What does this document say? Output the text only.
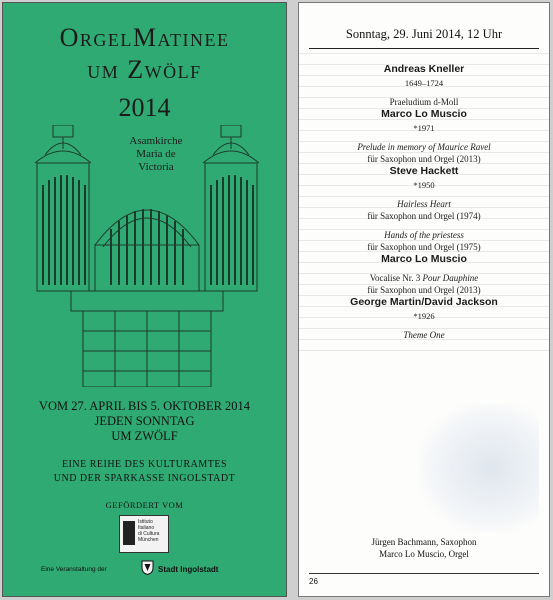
OrgelMatinee
um Zwölf
2014
Asamkirche
Maria de Victoria
VOM 27. APRIL BIS 5. OKTOBER 2014
JEDEN SONNTAG
UM ZWÖLF
EINE REIHE DES KULTURAMTES
UND DER SPARKASSE INGOLSTADT
GEFÖRDERT VOM
Istituto
Italiano
di Cultura
München
Eine Veranstaltung der	Stadt Ingolstadt
Sonntag, 29. Juni 2014, 12 Uhr
Andreas Kneller
1649–1724
Praeludium d-Moll
Marco Lo Muscio
*1971
Prelude in memory of Maurice Ravel
für Saxophon und Orgel (2013)
Steve Hackett
*1950
Hairless Heart
für Saxophon und Orgel (1974)
Hands of the priestess
für Saxophon und Orgel (1975)
Marco Lo Muscio
Vocalise Nr. 3 Pour Dauphine
für Saxophon und Orgel (2013)
George Martin/David Jackson
*1926
Theme One
Jürgen Bachmann, Saxophon
Marco Lo Muscio, Orgel
26
